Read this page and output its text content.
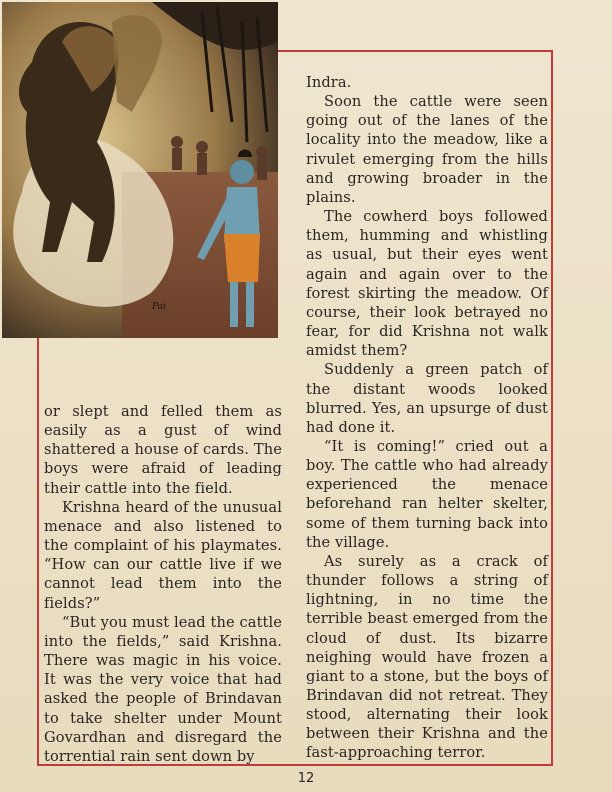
Pai

or slept and felled them as easily as a gust of wind shattered a house of cards. The boys were afraid of leading their cattle into the field.

Krishna heard of the unusual menace and also listened to the complaint of his playmates. “How can our cattle live if we cannot lead them into the fields?”

“But you must lead the cattle into the fields,” said Krishna. There was magic in his voice. It was the very voice that had asked the people of Brindavan to take shelter under Mount Govardhan and disregard the torrential rain sent down by

Indra.

Soon the cattle were seen going out of the lanes of the locality into the meadow, like a rivulet emerging from the hills and growing broader in the plains.

The cowherd boys followed them, humming and whistling as usual, but their eyes went again and again over to the forest skirting the meadow. Of course, their look betrayed no fear, for did Krishna not walk amidst them?

Suddenly a green patch of the distant woods looked blurred. Yes, an upsurge of dust had done it.

“It is coming!” cried out a boy. The cattle who had already experienced the menace beforehand ran helter skelter, some of them turning back into the village.

As surely as a crack of thunder follows a string of lightning, in no time the terrible beast emerged from the cloud of dust. Its bizarre neighing would have frozen a giant to a stone, but the boys of Brindavan did not retreat. They stood, alternating their look between their Krishna and the fast-approaching terror.

12
